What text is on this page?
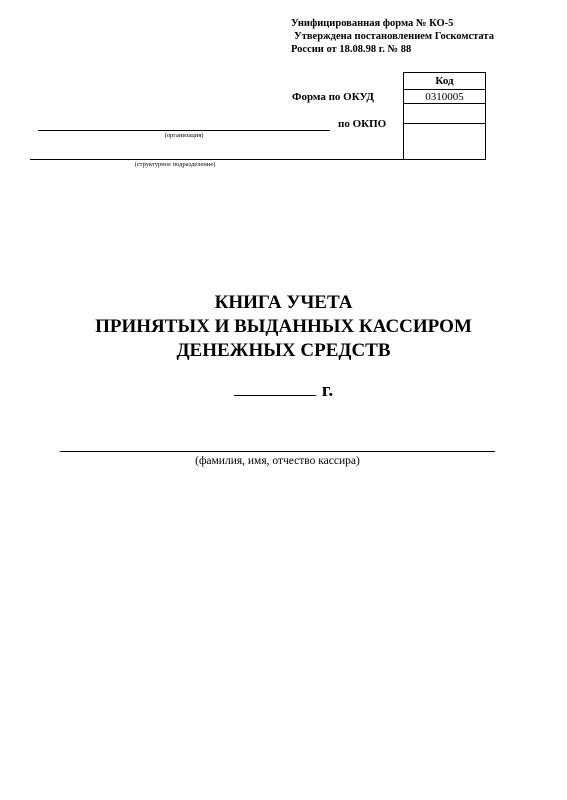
Унифицированная форма № КО-5
Утверждена постановлением Госкомстата
России от 18.08.98 г. № 88
Код
0310005
Форма по ОКУД
по ОКПО
(организация)
(структурное подразделение)
КНИГА УЧЕТА
ПРИНЯТЫХ И ВЫДАННЫХ КАССИРОМ
ДЕНЕЖНЫХ СРЕДСТВ
г.
(фамилия, имя, отчество кассира)
